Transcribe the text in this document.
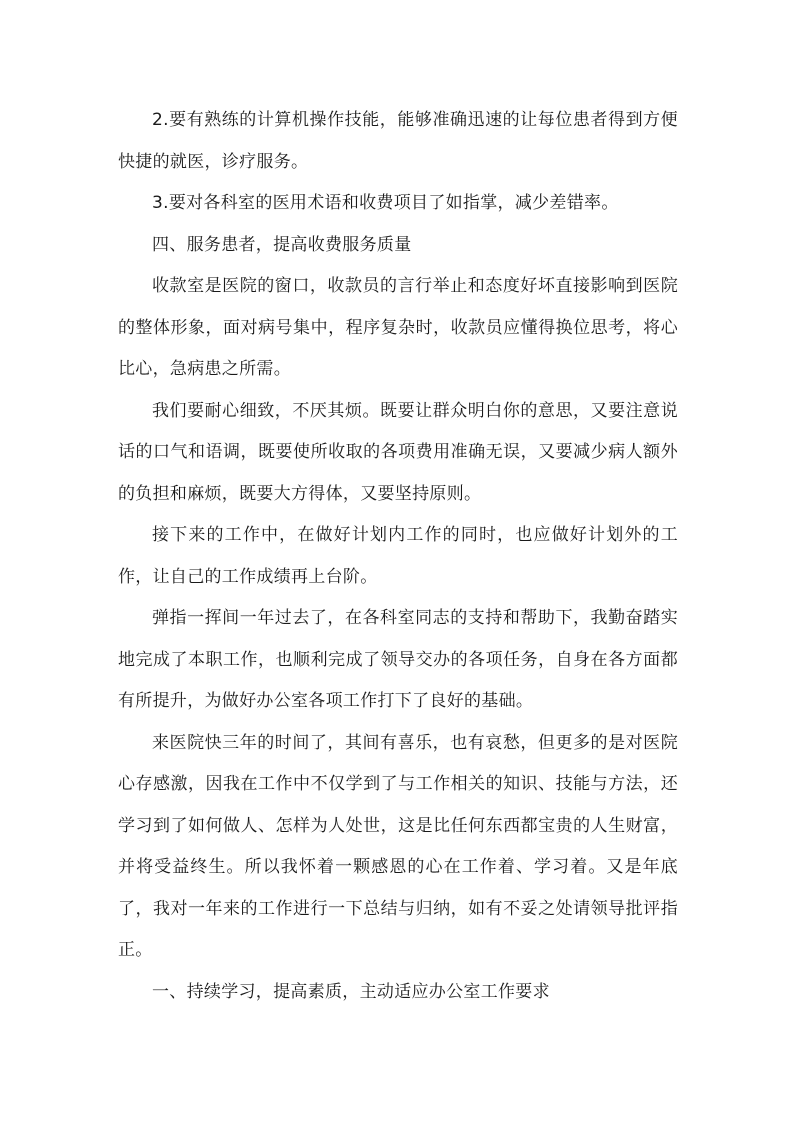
2.要有熟练的计算机操作技能，能够准确迅速的让每位患者得到方便快捷的就医，诊疗服务。

3.要对各科室的医用术语和收费项目了如指掌，减少差错率。

四、服务患者，提高收费服务质量

收款室是医院的窗口，收款员的言行举止和态度好坏直接影响到医院的整体形象，面对病号集中，程序复杂时，收款员应懂得换位思考，将心比心，急病患之所需。

我们要耐心细致，不厌其烦。既要让群众明白你的意思，又要注意说话的口气和语调，既要使所收取的各项费用准确无误，又要减少病人额外的负担和麻烦，既要大方得体，又要坚持原则。

接下来的工作中，在做好计划内工作的同时，也应做好计划外的工作，让自己的工作成绩再上台阶。

弹指一挥间一年过去了，在各科室同志的支持和帮助下，我勤奋踏实地完成了本职工作，也顺利完成了领导交办的各项任务，自身在各方面都有所提升，为做好办公室各项工作打下了良好的基础。

来医院快三年的时间了，其间有喜乐，也有哀愁，但更多的是对医院心存感激，因我在工作中不仅学到了与工作相关的知识、技能与方法，还学习到了如何做人、怎样为人处世，这是比任何东西都宝贵的人生财富，并将受益终生。所以我怀着一颗感恩的心在工作着、学习着。又是年底了，我对一年来的工作进行一下总结与归纳，如有不妥之处请领导批评指正。

一、持续学习，提高素质，主动适应办公室工作要求
